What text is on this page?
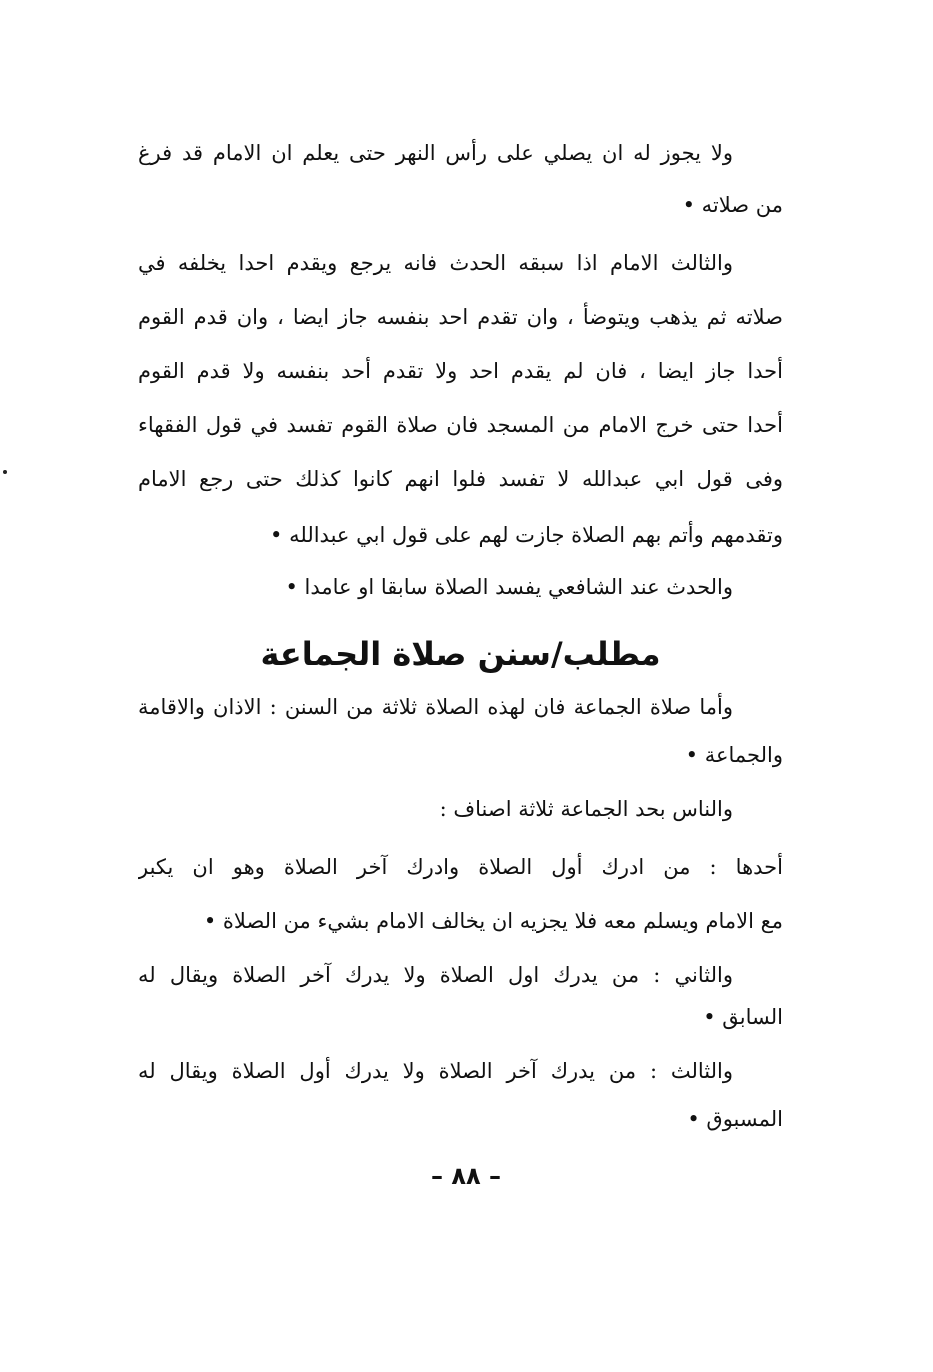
ولا يجوز له ان يصلي على رأس النهر حتى يعلم ان الامام قد فرغ
من صلاته •
والثالث الامام اذا سبقه الحدث فانه يرجع ويقدم احدا يخلفه في
صلاته ثم يذهب ويتوضأ ، وان تقدم احد بنفسه جاز ايضا ، وان قدم القوم
أحدا جاز ايضا ، فان لم يقدم احد ولا تقدم أحد بنفسه ولا قدم القوم
أحدا حتى خرج الامام من المسجد فان صلاة القوم تفسد في قول الفقهاء
وفى قول ابي عبدالله لا تفسد فلوا انهم كانوا كذلك حتى رجع الامام
وتقدمهم وأتم بهم الصلاة جازت لهم على قول ابي عبدالله •
والحدث عند الشافعي يفسد الصلاة سابقا او عامدا •
مطلب/سنن صلاة الجماعة
وأما صلاة الجماعة فان لهذه الصلاة ثلاثة من السنن : الاذان والاقامة
والجماعة •
والناس بحد الجماعة ثلاثة اصناف :
أحدها : من ادرك أول الصلاة وادرك آخر الصلاة وهو ان يكبر
مع الامام ويسلم معه فلا يجزيه ان يخالف الامام بشيء من الصلاة •
والثاني : من يدرك اول الصلاة ولا يدرك آخر الصلاة ويقال له
السابق •
والثالث : من يدرك آخر الصلاة ولا يدرك أول الصلاة ويقال له
المسبوق •
– ٨٨ –
